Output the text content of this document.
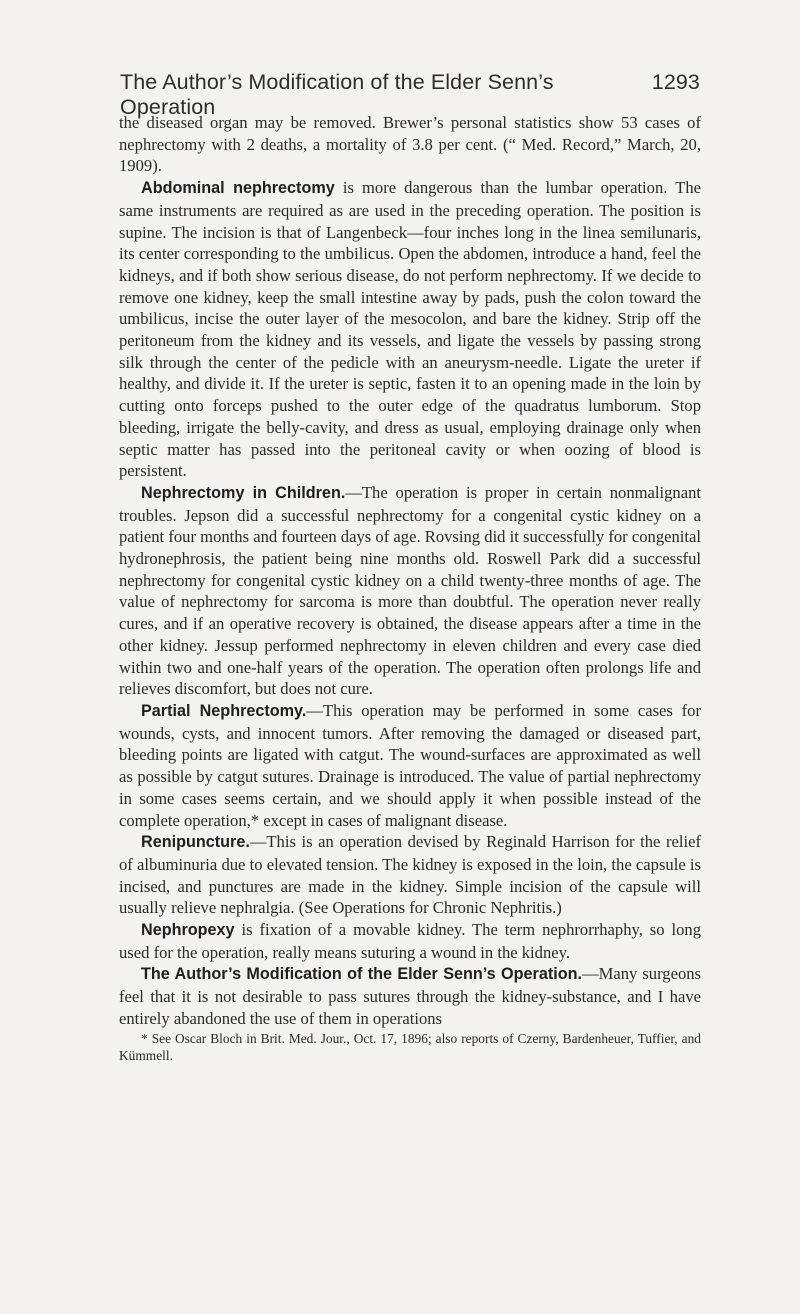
The Author’s Modification of the Elder Senn’s Operation
1293

the diseased organ may be removed. Brewer’s personal statistics show 53 cases of nephrectomy with 2 deaths, a mortality of 3.8 per cent. (“ Med. Record,” March, 20, 1909).

Abdominal nephrectomy is more dangerous than the lumbar operation. The same instruments are required as are used in the preceding operation. The position is supine. The incision is that of Langenbeck—four inches long in the linea semilunaris, its center corresponding to the umbilicus. Open the abdomen, introduce a hand, feel the kidneys, and if both show serious disease, do not perform nephrectomy. If we decide to remove one kidney, keep the small intestine away by pads, push the colon toward the umbilicus, incise the outer layer of the mesocolon, and bare the kidney. Strip off the peritoneum from the kidney and its vessels, and ligate the vessels by passing strong silk through the center of the pedicle with an aneurysm-needle. Ligate the ureter if healthy, and divide it. If the ureter is septic, fasten it to an opening made in the loin by cutting onto forceps pushed to the outer edge of the quadratus lumborum. Stop bleeding, irrigate the belly-cavity, and dress as usual, employing drainage only when septic matter has passed into the peritoneal cavity or when oozing of blood is persistent.

Nephrectomy in Children.—The operation is proper in certain nonmalignant troubles. Jepson did a successful nephrectomy for a congenital cystic kidney on a patient four months and fourteen days of age. Rovsing did it successfully for congenital hydronephrosis, the patient being nine months old. Roswell Park did a successful nephrectomy for congenital cystic kidney on a child twenty-three months of age. The value of nephrectomy for sarcoma is more than doubtful. The operation never really cures, and if an operative recovery is obtained, the disease appears after a time in the other kidney. Jessup performed nephrectomy in eleven children and every case died within two and one-half years of the operation. The operation often prolongs life and relieves discomfort, but does not cure.

Partial Nephrectomy.—This operation may be performed in some cases for wounds, cysts, and innocent tumors. After removing the damaged or diseased part, bleeding points are ligated with catgut. The wound-surfaces are approximated as well as possible by catgut sutures. Drainage is introduced. The value of partial nephrectomy in some cases seems certain, and we should apply it when possible instead of the complete operation,* except in cases of malignant disease.

Renipuncture.—This is an operation devised by Reginald Harrison for the relief of albuminuria due to elevated tension. The kidney is exposed in the loin, the capsule is incised, and punctures are made in the kidney. Simple incision of the capsule will usually relieve nephralgia. (See Operations for Chronic Nephritis.)

Nephropexy is fixation of a movable kidney. The term nephrorrhaphy, so long used for the operation, really means suturing a wound in the kidney.

The Author’s Modification of the Elder Senn’s Operation.—Many surgeons feel that it is not desirable to pass sutures through the kidney-substance, and I have entirely abandoned the use of them in operations

* See Oscar Bloch in Brit. Med. Jour., Oct. 17, 1896; also reports of Czerny, Bardenheuer, Tuffier, and Kümmell.
